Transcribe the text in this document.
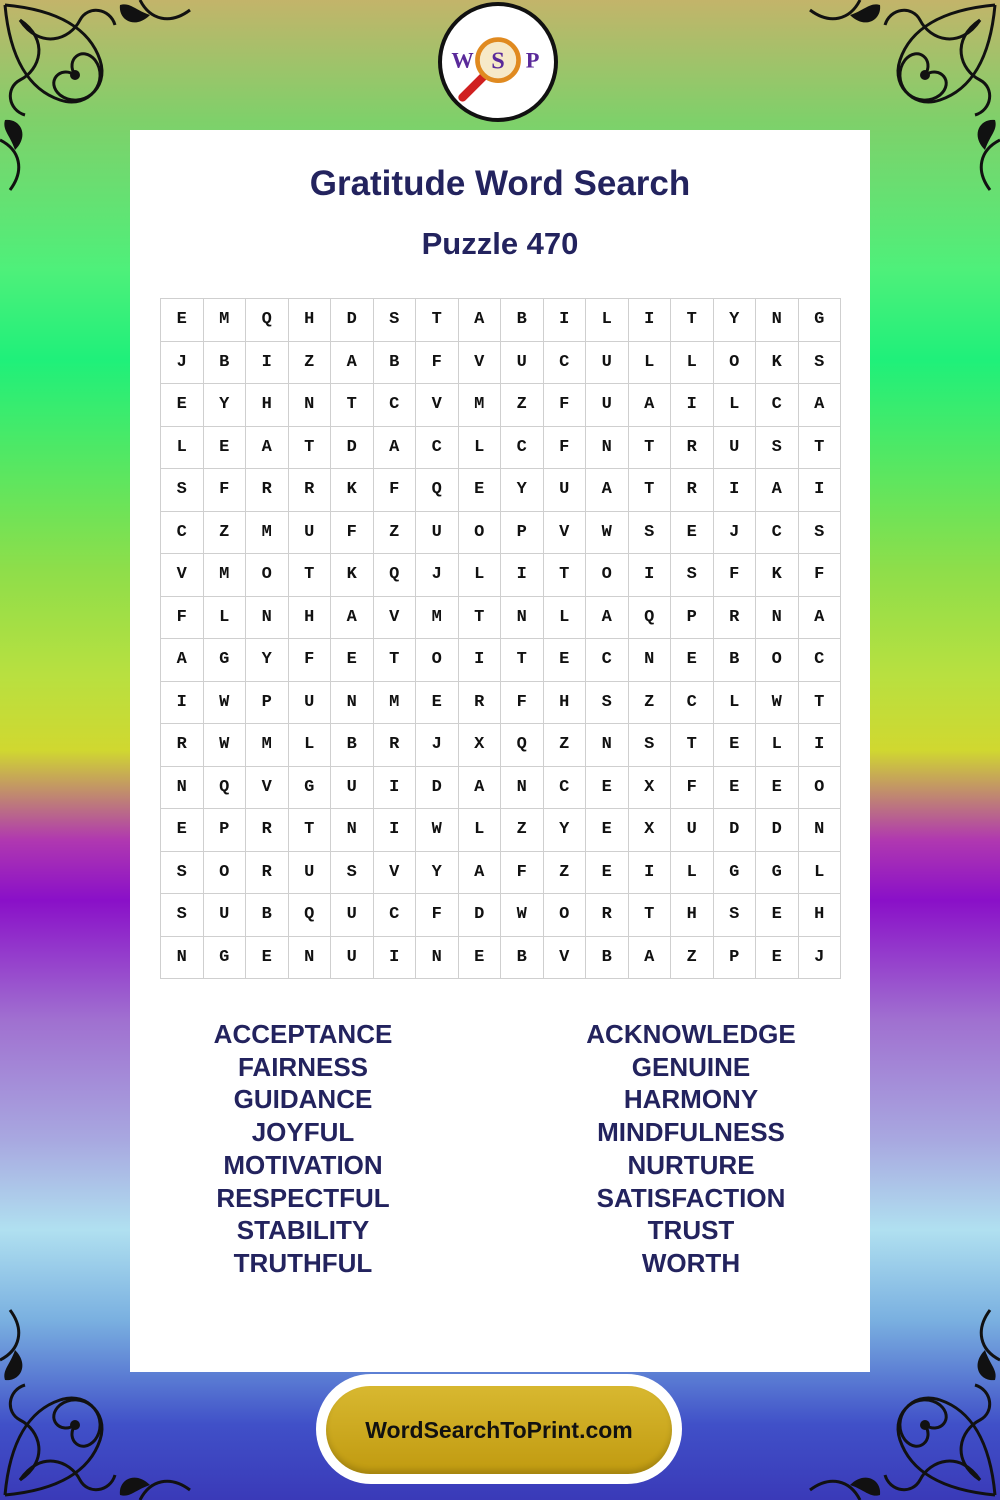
W S P
Gratitude Word Search
Puzzle 470
E	M	Q	H	D	S	T	A	B	I	L	I	T	Y	N	G
J	B	I	Z	A	B	F	V	U	C	U	L	L	O	K	S
E	Y	H	N	T	C	V	M	Z	F	U	A	I	L	C	A
L	E	A	T	D	A	C	L	C	F	N	T	R	U	S	T
S	F	R	R	K	F	Q	E	Y	U	A	T	R	I	A	I
C	Z	M	U	F	Z	U	O	P	V	W	S	E	J	C	S
V	M	O	T	K	Q	J	L	I	T	O	I	S	F	K	F
F	L	N	H	A	V	M	T	N	L	A	Q	P	R	N	A
A	G	Y	F	E	T	O	I	T	E	C	N	E	B	O	C
I	W	P	U	N	M	E	R	F	H	S	Z	C	L	W	T
R	W	M	L	B	R	J	X	Q	Z	N	S	T	E	L	I
N	Q	V	G	U	I	D	A	N	C	E	X	F	E	E	O
E	P	R	T	N	I	W	L	Z	Y	E	X	U	D	D	N
S	O	R	U	S	V	Y	A	F	Z	E	I	L	G	G	L
S	U	B	Q	U	C	F	D	W	O	R	T	H	S	E	H
N	G	E	N	U	I	N	E	B	V	B	A	Z	P	E	J
ACCEPTANCE
FAIRNESS
GUIDANCE
JOYFUL
MOTIVATION
RESPECTFUL
STABILITY
TRUTHFUL
ACKNOWLEDGE
GENUINE
HARMONY
MINDFULNESS
NURTURE
SATISFACTION
TRUST
WORTH
WordSearchToPrint.com
